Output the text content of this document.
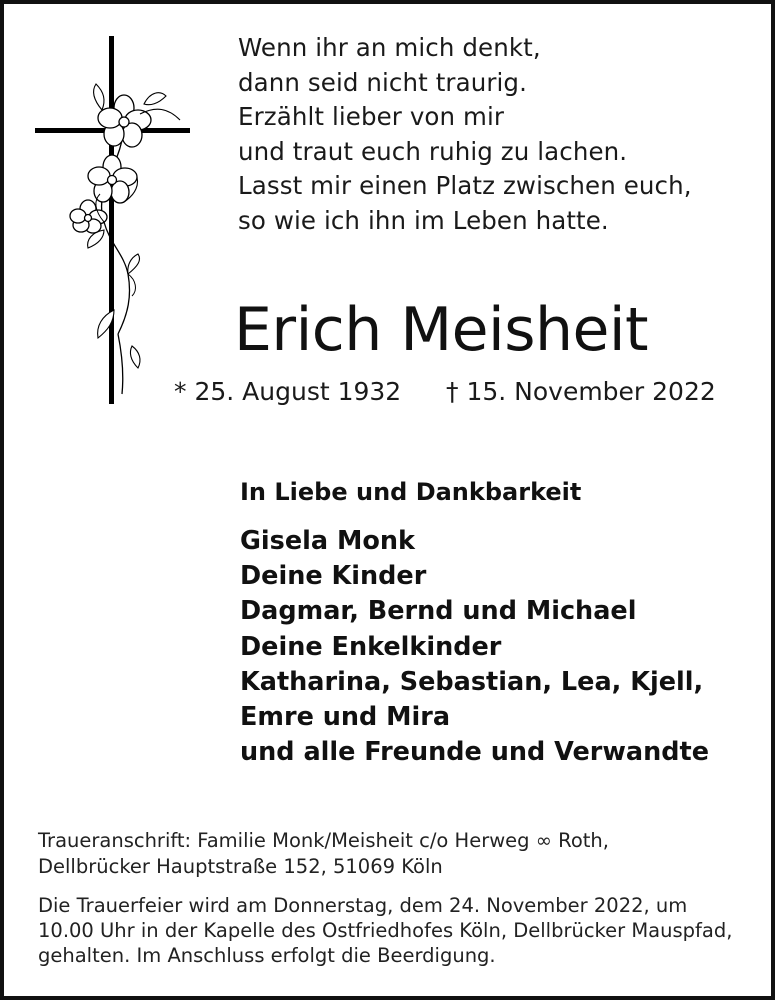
Wenn ihr an mich denkt,
dann seid nicht traurig.
Erzählt lieber von mir
und traut euch ruhig zu lachen.
Lasst mir einen Platz zwischen euch,
so wie ich ihn im Leben hatte.
Erich Meisheit
* 25. August 1932 † 15. November 2022
In Liebe und Dankbarkeit
Gisela Monk
Deine Kinder
Dagmar, Bernd und Michael
Deine Enkelkinder
Katharina, Sebastian, Lea, Kjell,
Emre und Mira
und alle Freunde und Verwandte
Traueranschrift: Familie Monk/Meisheit c/o Herweg ∞ Roth,
Dellbrücker Hauptstraße 152, 51069 Köln
Die Trauerfeier wird am Donnerstag, dem 24. November 2022, um
10.00 Uhr in der Kapelle des Ostfriedhofes Köln, Dellbrücker Mauspfad,
gehalten. Im Anschluss erfolgt die Beerdigung.
